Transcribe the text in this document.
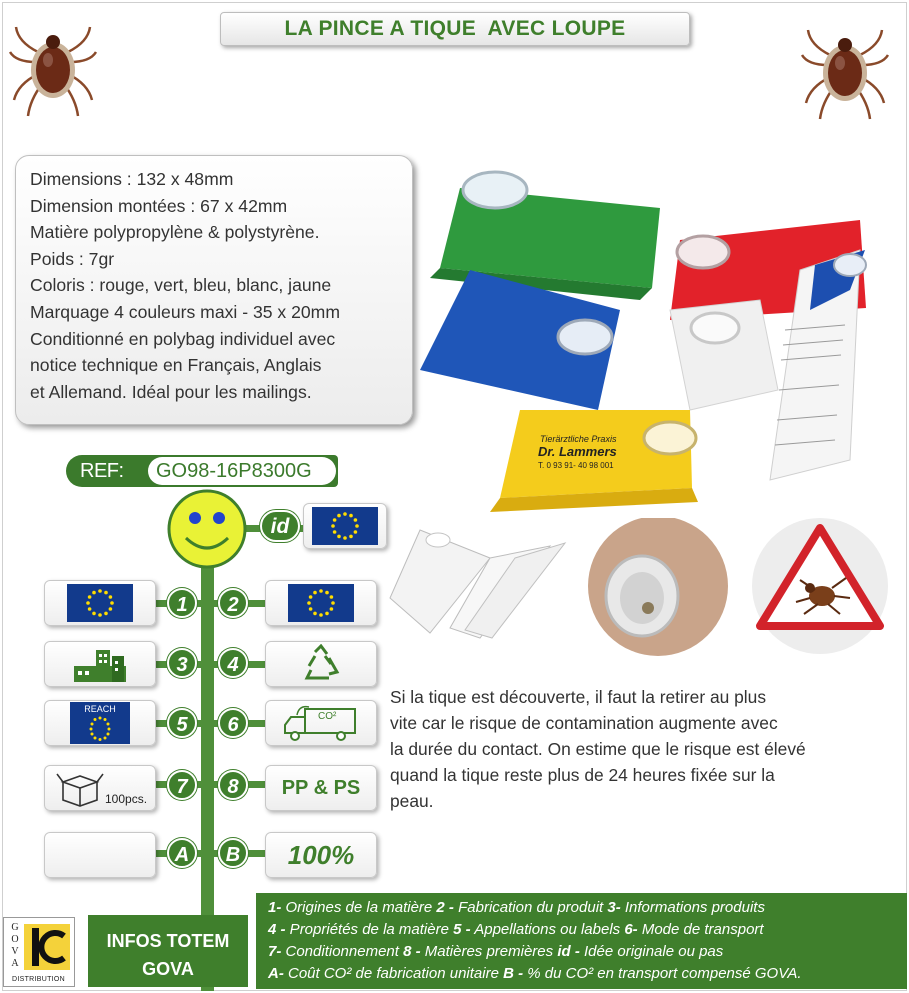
LA PINCE A TIQUE  AVEC LOUPE

Dimensions : 132 x 48mm

Dimension montées : 67 x 42mm

Matière polypropylène & polystyrène.

Poids : 7gr

Coloris : rouge, vert, bleu, blanc, jaune

Marquage 4 couleurs maxi - 35 x 20mm

Conditionné en polybag individuel avec

notice technique en Français, Anglais

et Allemand. Idéal pour les mailings.

Tierärztliche Praxis
Dr. Lammers
T. 0 93 91- 40 98 001
REF:	GO98-16P8300G
id
1	2
3	4
REACH
5	6	CO²
100pcs.
7	8	PP & PS
A	B 100%

Si la tique est découverte, il faut la retirer au plus

vite car le risque de contamination augmente avec

la durée du contact. On estime que le risque est élevé

quand la tique reste plus de 24 heures fixée sur la

peau.

G
O
V
A
DISTRIBUTION
INFOS TOTEM
GOVA

1- Origines de la matière 2 - Fabrication du produit 3- Informations produits

4 - Propriétés de la matière 5 - Appellations ou labels 6- Mode de transport

7- Conditionnement 8 - Matières premières id - Idée originale ou pas

A- Coût CO² de fabrication unitaire B - % du CO² en transport compensé GOVA.
